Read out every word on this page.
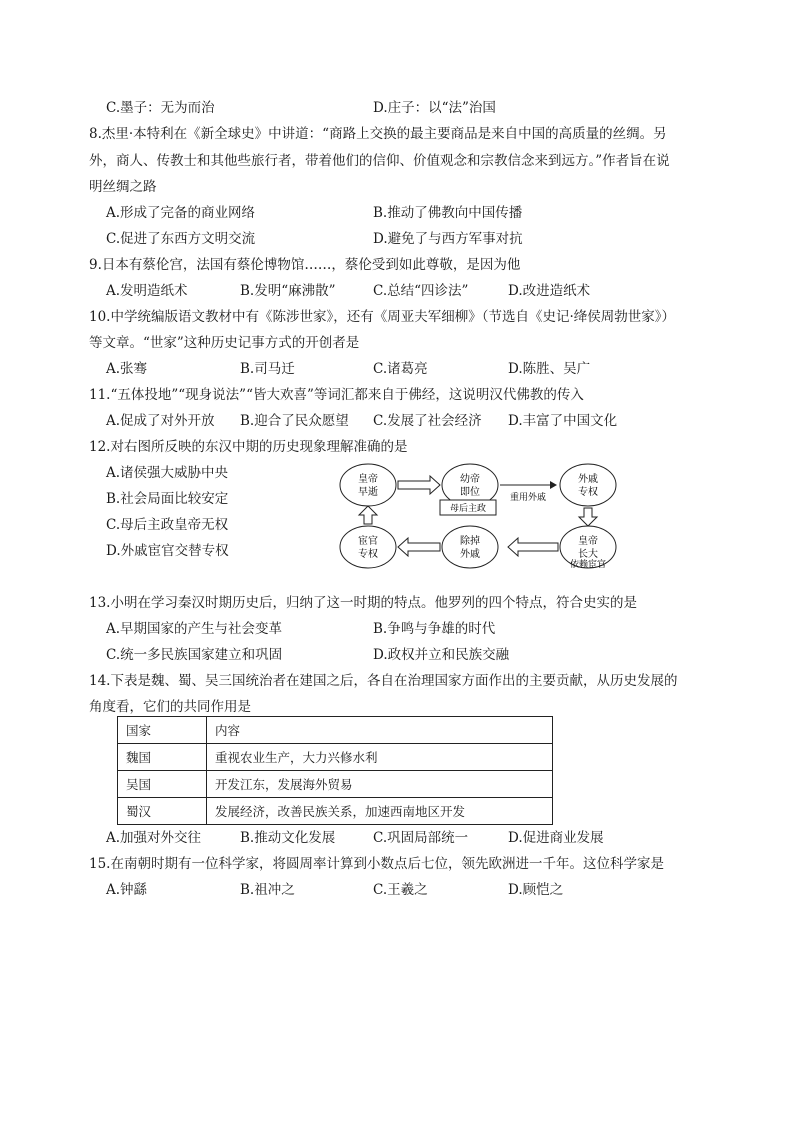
C.墨子：无为而治	D.庄子：以“法”治国
8.杰里·本特利在《新全球史》中讲道：“商路上交换的最主要商品是来自中国的高质量的丝绸。另
外，商人、传教士和其他些旅行者，带着他们的信仰、价值观念和宗教信念来到远方。”作者旨在说
明丝绸之路
A.形成了完备的商业网络	B.推动了佛教向中国传播
C.促进了东西方文明交流	D.避免了与西方军事对抗
9.日本有蔡伦宫，法国有蔡伦博物馆……，蔡伦受到如此尊敬，是因为他
A.发明造纸术	B.发明“麻沸散”	C.总结“四诊法”	D.改进造纸术
10.中学统编版语文教材中有《陈涉世家》，还有《周亚夫军细柳》（节选自《史记·绛侯周勃世家》）
等文章。“世家”这种历史记事方式的开创者是
A.张骞	B.司马迁	C.诸葛亮	D.陈胜、吴广
11.“五体投地”“现身说法”“皆大欢喜”等词汇都来自于佛经，这说明汉代佛教的传入
A.促成了对外开放 B.迎合了民众愿望 C.发展了社会经济 D.丰富了中国文化
12.对右图所反映的东汉中期的历史现象理解准确的是
A.诸侯强大威胁中央
B.社会局面比较安定
C.母后主政皇帝无权
D.外戚宦官交替专权
皇帝
早逝
幼帝
即位
外戚
专权
宦官
专权
除掉
外戚
皇帝
长大
重用外戚
依赖宦官
母后主政
13.小明在学习秦汉时期历史后，归纳了这一时期的特点。他罗列的四个特点，符合史实的是
A.早期国家的产生与社会变革	B.争鸣与争雄的时代
C.统一多民族国家建立和巩固	D.政权并立和民族交融
14.下表是魏、蜀、吴三国统治者在建国之后，各自在治理国家方面作出的主要贡献，从历史发展的
角度看，它们的共同作用是
国家	内容
魏国	重视农业生产，大力兴修水利
吴国	开发江东，发展海外贸易
蜀汉	发展经济，改善民族关系，加速西南地区开发
A.加强对外交往	B.推动文化发展	C.巩固局部统一	D.促进商业发展
15.在南朝时期有一位科学家，将圆周率计算到小数点后七位，领先欧洲进一千年。这位科学家是
A.钟繇	B.祖冲之	C.王羲之	D.顾恺之
